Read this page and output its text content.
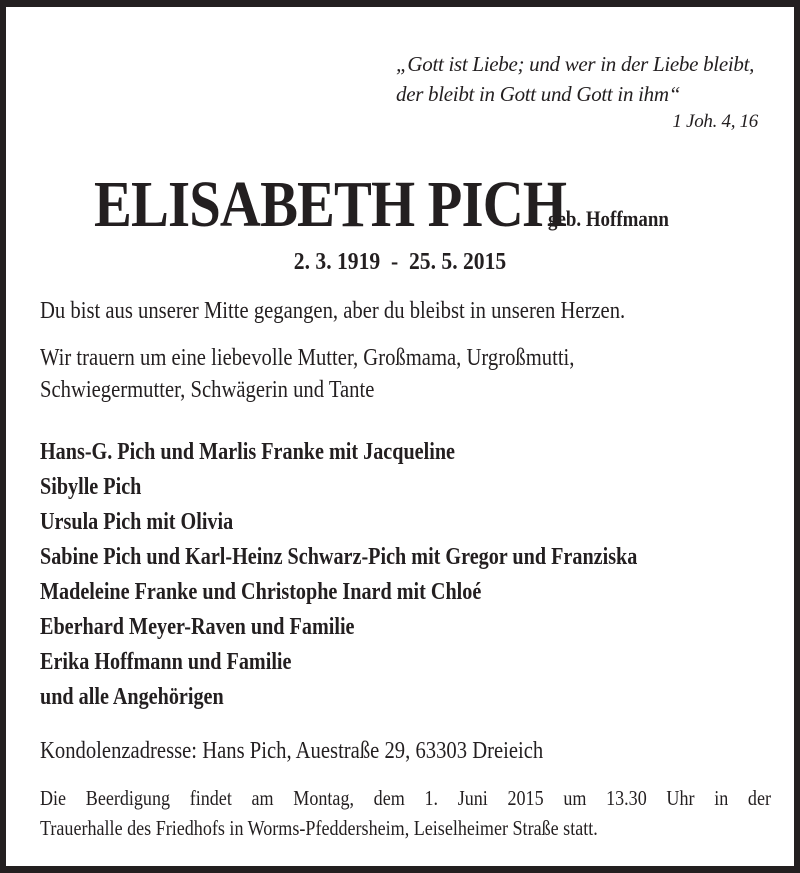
„Gott ist Liebe; und wer in der Liebe bleibt,
der bleibt in Gott und Gott in ihm“
1 Joh. 4, 16
ELISABETH PICHgeb. Hoffmann
2. 3. 1919  -  25. 5. 2015
Du bist aus unserer Mitte gegangen, aber du bleibst in unseren Herzen.
Wir trauern um eine liebevolle Mutter, Großmama, Urgroßmutti,
Schwiegermutter, Schwägerin und Tante
Hans-G. Pich und Marlis Franke mit Jacqueline
Sibylle Pich
Ursula Pich mit Olivia
Sabine Pich und Karl-Heinz Schwarz-Pich mit Gregor und Franziska
Madeleine Franke und Christophe Inard mit Chloé
Eberhard Meyer-Raven und Familie
Erika Hoffmann und Familie
und alle Angehörigen
Kondolenzadresse: Hans Pich, Auestraße 29, 63303 Dreieich
Die Beerdigung findet am Montag, dem 1. Juni 2015 um 13.30 Uhr in der
Trauerhalle des Friedhofs in Worms-Pfeddersheim, Leiselheimer Straße statt.
